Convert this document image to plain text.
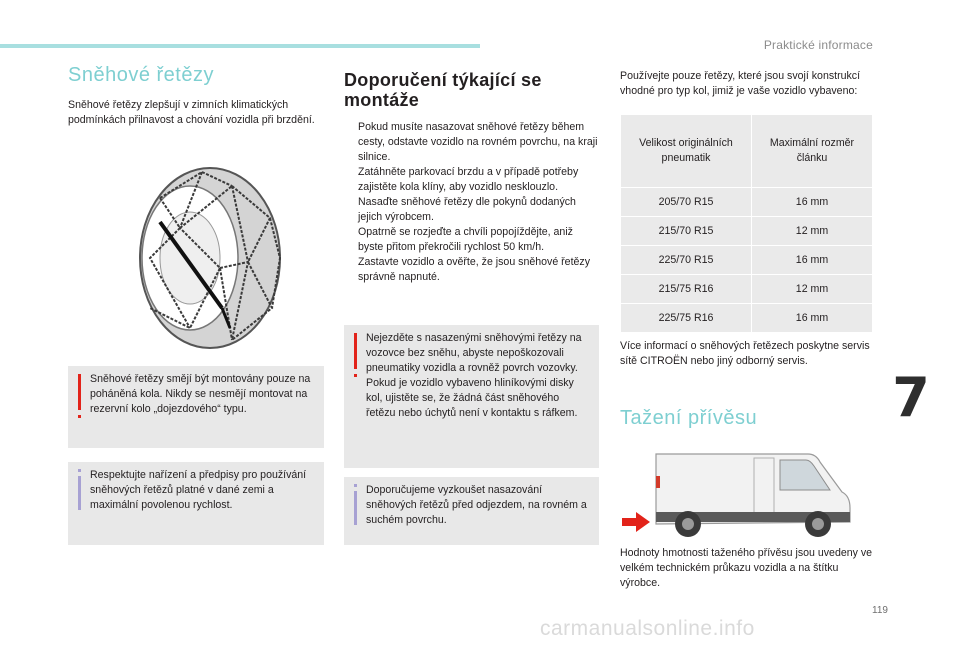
Praktické informace
Sněhové řetězy

Sněhové řetězy zlepšují v zimních klimatických podmínkách přilnavost a chování vozidla při brzdění.

Sněhové řetězy smějí být montovány pouze na poháněná kola. Nikdy se nesmějí montovat na rezervní kolo „dojezdového“ typu.
Respektujte nařízení a předpisy pro používání sněhových řetězů platné v dané zemi a maximální povolenou rychlost.
Doporučení týkající se montáže
Pokud musíte nasazovat sněhové řetězy během cesty, odstavte vozidlo na rovném povrchu, na kraji silnice.
Zatáhněte parkovací brzdu a v případě potřeby zajistěte kola klíny, aby vozidlo nesklouzlo.
Nasaďte sněhové řetězy dle pokynů dodaných jejich výrobcem.
Opatrně se rozjeďte a chvíli popojíždějte, aniž byste přitom překročili rychlost 50 km/h.
Zastavte vozidlo a ověřte, že jsou sněhové řetězy správně napnuté.
Nejezděte s nasazenými sněhovými řetězy na vozovce bez sněhu, abyste nepoškozovali pneumatiky vozidla a rovněž povrch vozovky. Pokud je vozidlo vybaveno hliníkovými disky kol, ujistěte se, že žádná část sněhového řetězu nebo úchytů není v kontaktu s ráfkem.
Doporučujeme vyzkoušet nasazování sněhových řetězů před odjezdem, na rovném a suchém povrchu.

Používejte pouze řetězy, které jsou svojí konstrukcí vhodné pro typ kol, jimiž je vaše vozidlo vybaveno:

Velikost originálních pneumatik	Maximální rozměr článku
205/70 R15	16 mm
215/70 R15	12 mm
225/70 R15	16 mm
215/75 R16	12 mm
225/75 R16	16 mm

Více informací o sněhových řetězech poskytne servis sítě CITROËN nebo jiný odborný servis.

Tažení přívěsu

Hodnoty hmotnosti taženého přívěsu jsou uvedeny ve velkém technickém průkazu vozidla a na štítku výrobce.

7
119
carmanualsonline.info
